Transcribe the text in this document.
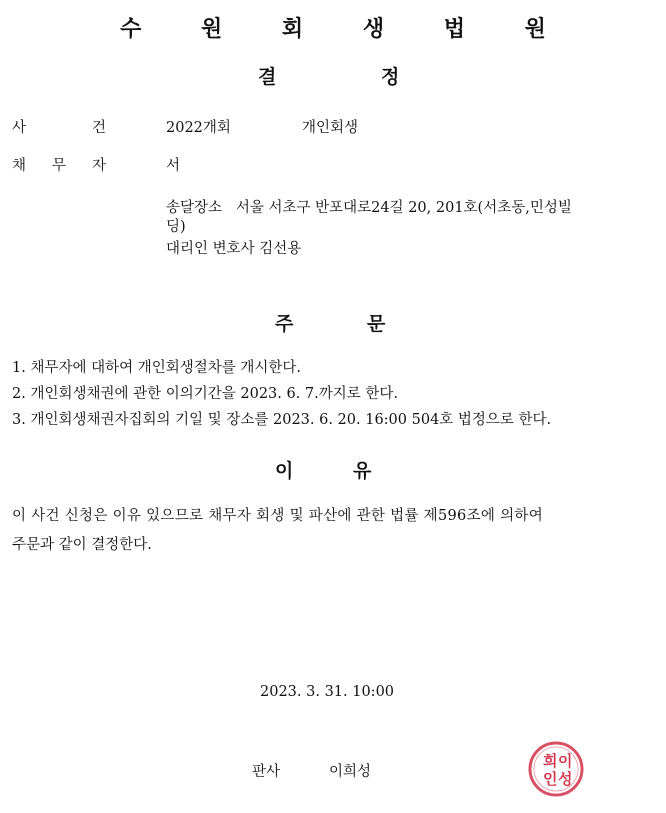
수 원 회 생 법 원
결	정
사	건	2022개회	개인회생
채 무 자	서
송달장소   서울 서초구 반포대로24길 20, 201호(서초동,민성빌
딩)
대리인 변호사 김선용
주	문
1. 채무자에 대하여 개인회생절차를 개시한다.
2. 개인회생채권에 관한 이의기간을 2023. 6. 7.까지로 한다.
3. 개인회생채권자집회의 기일 및 장소를 2023. 6. 20. 16:00 504호 법정으로 한다.
이	유
이 사건 신청은 이유 있으므로 채무자 회생 및 파산에 관한 법률 제596조에 의하여
주문과 같이 결정한다.
2023. 3. 31. 10:00
판사	이희성
희 이
인 성
